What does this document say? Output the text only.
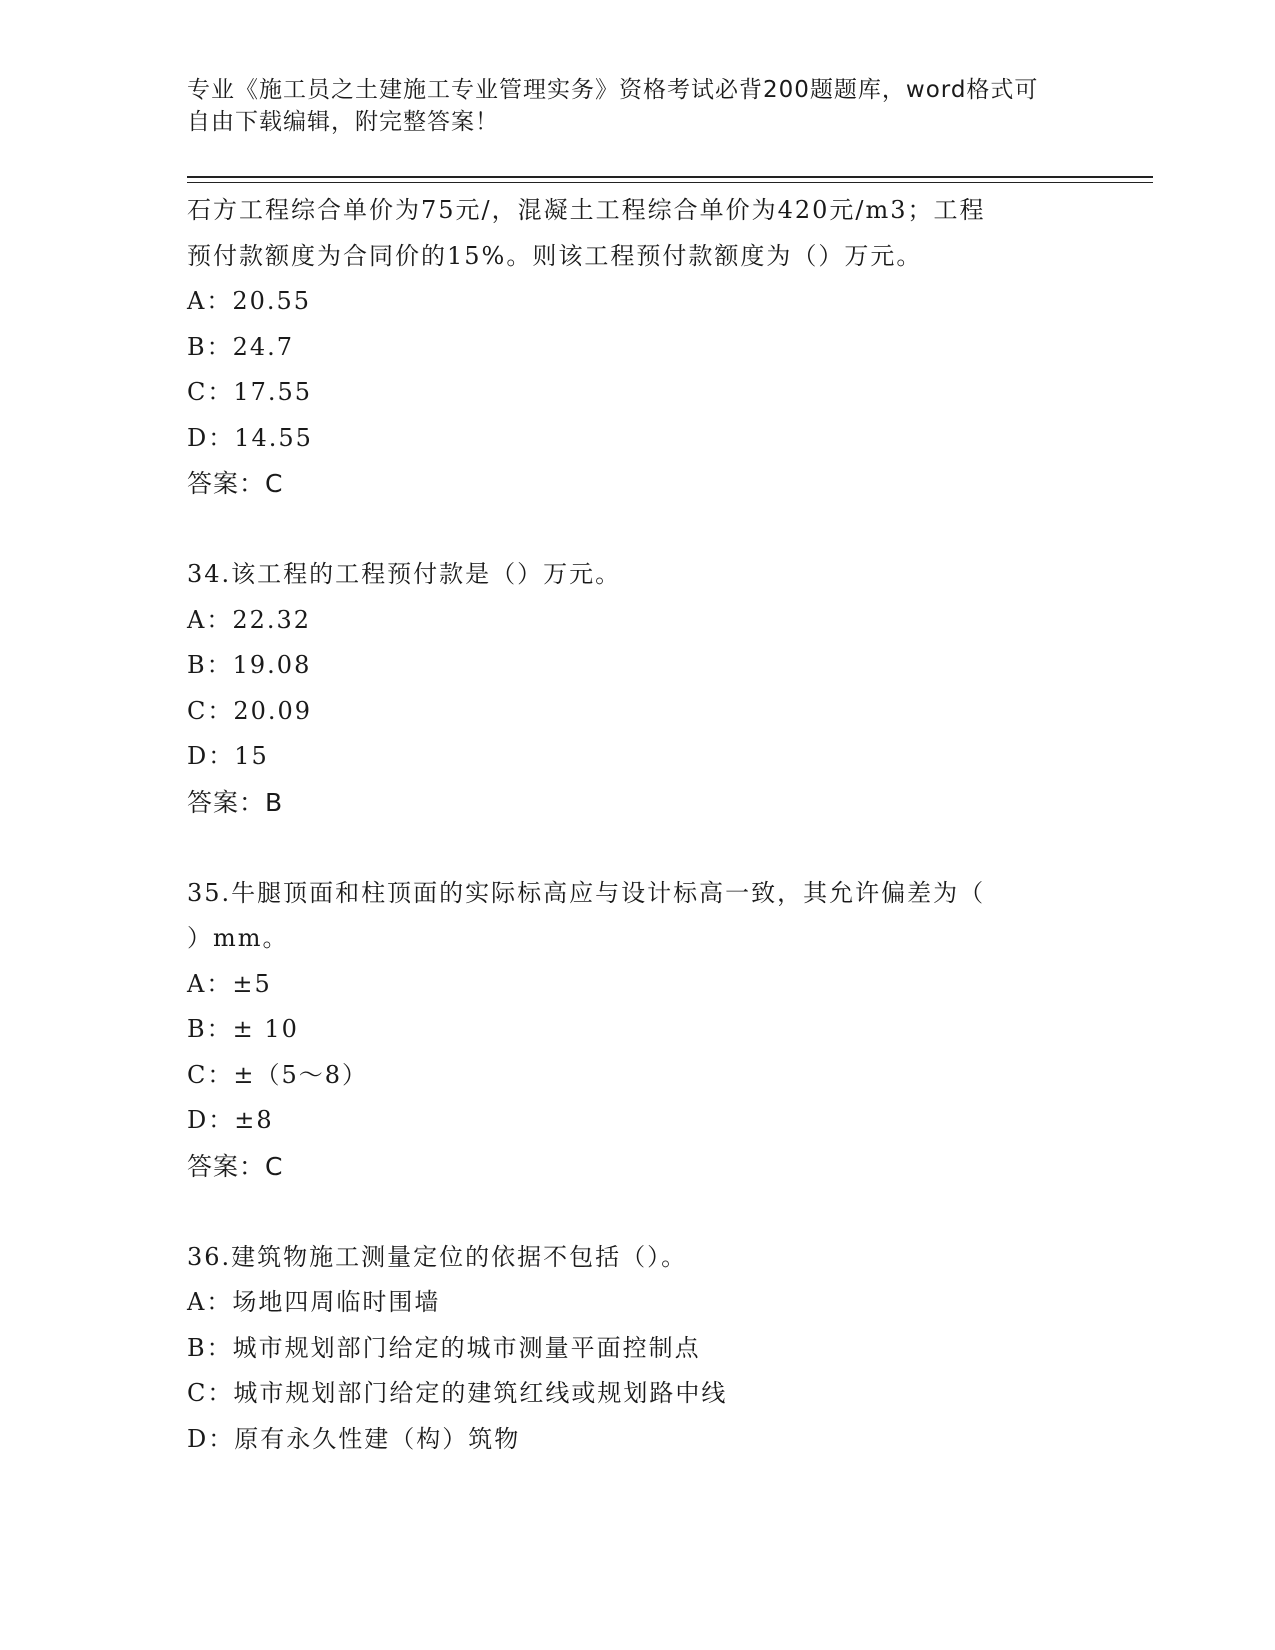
专业《施工员之土建施工专业管理实务》资格考试必背200题题库，word格式可
自由下载编辑，附完整答案！
石方工程综合单价为75元/，混凝土工程综合单价为420元/m3；工程
预付款额度为合同价的15%。则该工程预付款额度为（）万元。
A：20.55
B：24.7
C：17.55
D：14.55
答案：C
34.该工程的工程预付款是（）万元。
A：22.32
B：19.08
C：20.09
D：15
答案：B
35.牛腿顶面和柱顶面的实际标高应与设计标高一致，其允许偏差为（
）mm。
A：±5
B：± 10
C：±（5～8）
D：±8
答案：C
36.建筑物施工测量定位的依据不包括（）。
A：场地四周临时围墙
B：城市规划部门给定的城市测量平面控制点
C：城市规划部门给定的建筑红线或规划路中线
D：原有永久性建（构）筑物
